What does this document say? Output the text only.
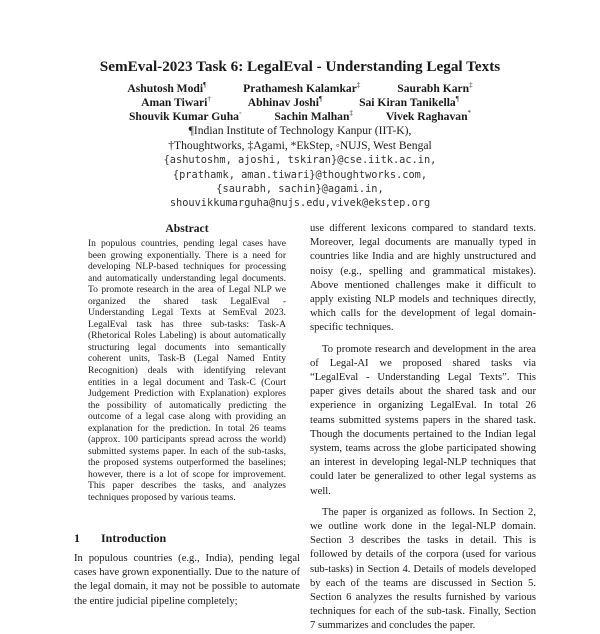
SemEval-2023 Task 6: LegalEval - Understanding Legal Texts
Ashutosh Modi¶	Prathamesh Kalamkar‡	Saurabh Karn‡
Aman Tiwari†	Abhinav Joshi¶	Sai Kiran Tanikella¶
Shouvik Kumar Guha◦	Sachin Malhan‡	Vivek Raghavan*
¶Indian Institute of Technology Kanpur (IIT-K),
†Thoughtworks, ‡Agami, *EkStep, ◦NUJS, West Bengal
{ashutoshm, ajoshi, tskiran}@cse.iitk.ac.in,
{prathamk, aman.tiwari}@thoughtworks.com,
{saurabh, sachin}@agami.in,
shouvikkumarguha@nujs.edu,vivek@ekstep.org
Abstract

In populous countries, pending legal cases have been growing exponentially. There is a need for developing NLP-based techniques for processing and automatically understanding legal documents. To promote research in the area of Legal NLP we organized the shared task LegalEval - Understanding Legal Texts at SemEval 2023. LegalEval task has three sub-tasks: Task-A (Rhetorical Roles Labeling) is about automatically structuring legal documents into semantically coherent units, Task-B (Legal Named Entity Recognition) deals with identifying relevant entities in a legal document and Task-C (Court Judgement Prediction with Explanation) explores the possibility of automatically predicting the outcome of a legal case along with providing an explanation for the prediction. In total 26 teams (approx. 100 participants spread across the world) submitted systems paper. In each of the sub-tasks, the proposed systems outperformed the baselines; however, there is a lot of scope for improvement. This paper describes the tasks, and analyzes techniques proposed by various teams.

1 Introduction

In populous countries (e.g., India), pending legal cases have grown exponentially. Due to the nature of the legal domain, it may not be possible to automate the entire judicial pipeline completely;

use different lexicons compared to standard texts. Moreover, legal documents are manually typed in countries like India and are highly unstructured and noisy (e.g., spelling and grammatical mistakes). Above mentioned challenges make it difficult to apply existing NLP models and techniques directly, which calls for the development of legal domain-specific techniques.

To promote research and development in the area of Legal-AI we proposed shared tasks via “LegalEval - Understanding Legal Texts”. This paper gives details about the shared task and our experience in organizing LegalEval. In total 26 teams submitted systems papers in the shared task. Though the documents pertained to the Indian legal system, teams across the globe participated showing an interest in developing legal-NLP techniques that could later be generalized to other legal systems as well.

The paper is organized as follows. In Section 2, we outline work done in the legal-NLP domain. Section 3 describes the tasks in detail. This is followed by details of the corpora (used for various sub-tasks) in Section 4. Details of models developed by each of the teams are discussed in Section 5. Section 6 analyzes the results furnished by various techniques for each of the sub-task. Finally, Section 7 summarizes and concludes the paper.
